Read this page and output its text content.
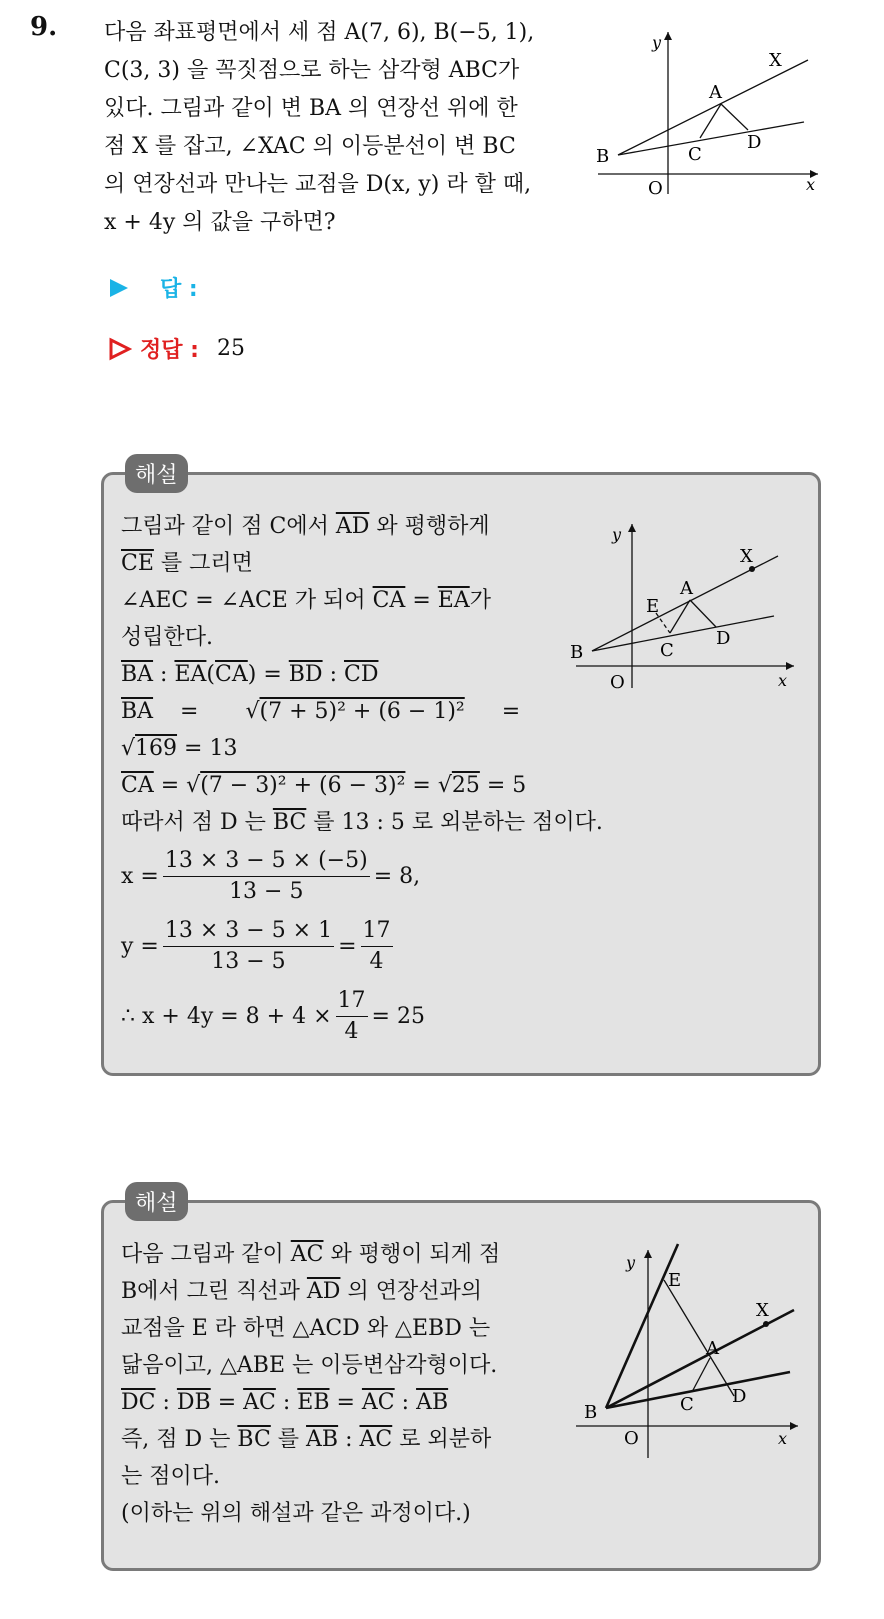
9. 다음 좌표평면에서 세 점 A(7, 6), B(−5, 1),
C(3, 3) 을 꼭짓점으로 하는 삼각형 ABC가
있다. 그림과 같이 변 BA 의 연장선 위에 한
점 X 를 잡고, ∠XAC 의 이등분선이 변 BC
의 연장선과 만나는 교점을 D(x, y) 라 할 때,
x + 4y 의 값을 구하면?
y
x
O
A
B	C
D
X
답 :
정답 : 25
해설
그림과 같이 점 C에서 $\overline{AD}$ 와 평행하게
$\overline{CE}$ 를 그리면
∠AEC = ∠ACE 가 되어 $\overline{CA} = \overline{EA}$가
성립한다.
$\overline{BA}$ : $\overline{EA}(\overline{CA}) = \overline{BD}$ : $\overline{CD}$
$\overline{BA} = √(7 + 5)^2 + (6 - 1)^2$ =
√169 = 13
$\overline{CA} = √(7 - 3)^2 + (6 - 3)^2 = √25 = 5$
따라서 점 D 는 $\overline{BC}$ 를 13 : 5 로 외분하는 점이다.
$x = \frac{13 \times 3 - 5 \times (-5)}{13 - 5} = 8$,
$y = \frac{13 \times 3 - 5 \times 1}{13 - 5} = \frac{17}{4}$
∴ $x + 4y = 8 + 4 \times \frac{17}{4} = 25$
y
x
O
A
B	C
D
X
E
해설
다음 그림과 같이 $\overline{AC}$ 와 평행이 되게 점
B에서 그린 직선과 $\overline{AD}$ 의 연장선과의
교점을 E 라 하면 △ACD 와 △EBD 는
닮음이고, △ABE 는 이등변삼각형이다.
$\overline{DC}$ : $\overline{DB} = \overline{AC}$ : $\overline{EB} = \overline{AC}$ : $\overline{AB}$
즉, 점 D 는 $\overline{BC}$ 를 $\overline{AB}$ : $\overline{AC}$ 로 외분하
는 점이다.
(이하는 위의 해설과 같은 과정이다.)
y
x
O
A
B	C D
X
E
